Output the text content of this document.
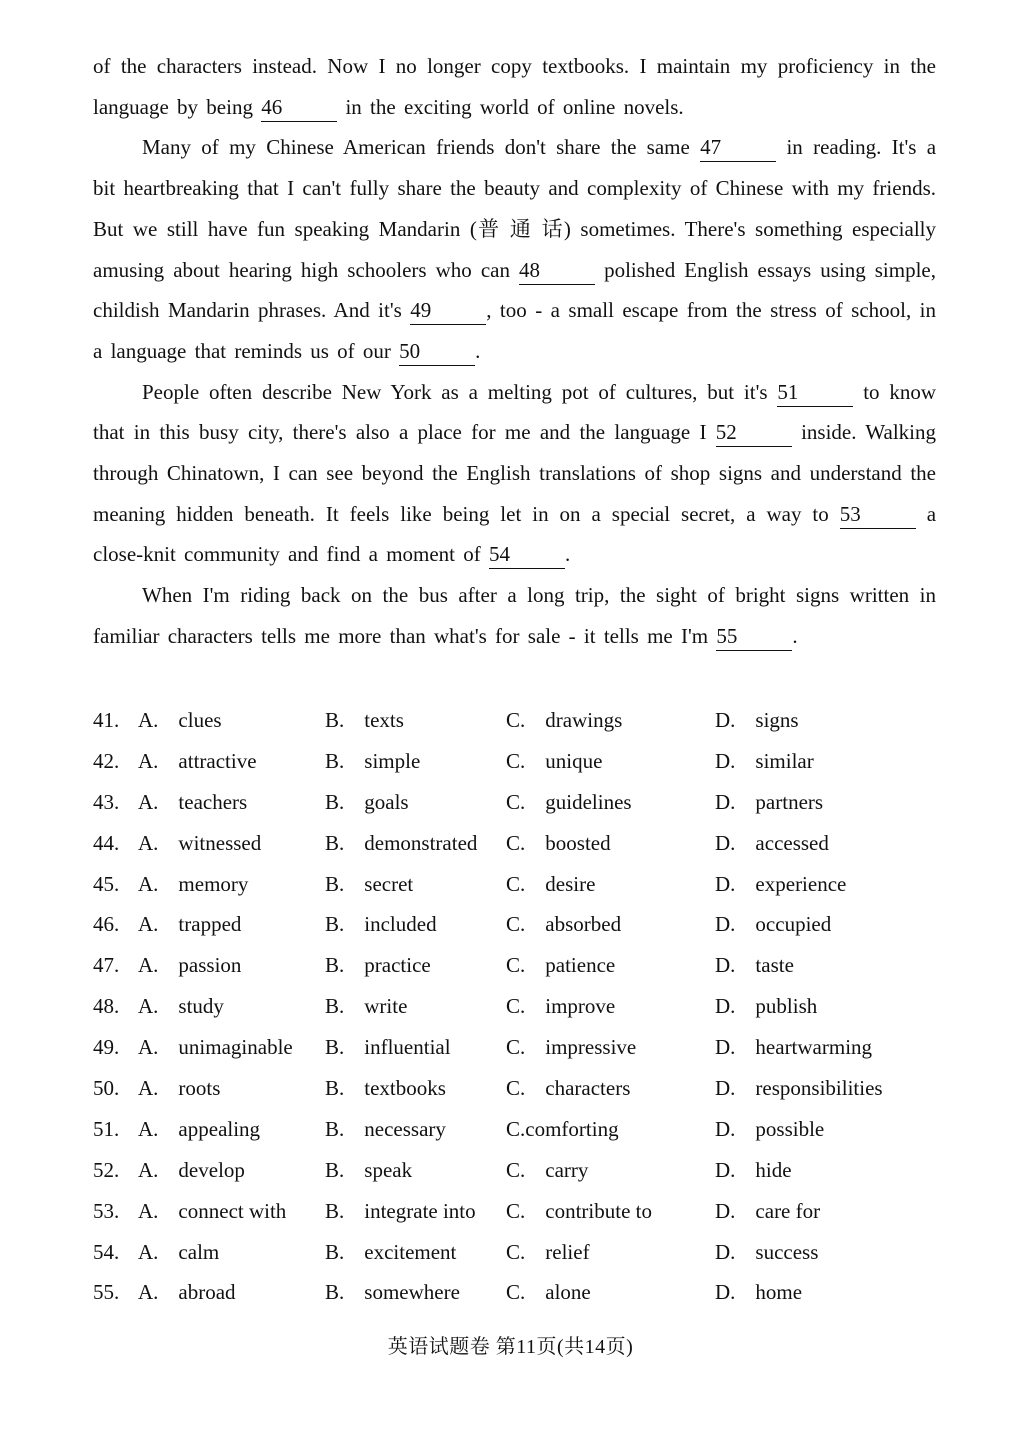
of the characters instead. Now I no longer copy textbooks. I maintain my proficiency in the language by being 46	in the exciting world of online novels.

Many of my Chinese American friends don't share the same 47	in reading. It's a bit heartbreaking that I can't fully share the beauty and complexity of Chinese with my friends. But we still have fun speaking Mandarin (普 通 话) sometimes. There's something especially amusing about hearing high schoolers who can 48	polished English essays using simple, childish Mandarin phrases. And it's 49	, too - a small escape from the stress of school, in a language that reminds us of our 50	.

People often describe New York as a melting pot of cultures, but it's 51	to know that in this busy city, there's also a place for me and the language I 52	inside. Walking through Chinatown, I can see beyond the English translations of shop signs and understand the meaning hidden beneath. It feels like being let in on a special secret, a way to 53	a close-knit community and find a moment of 54	.

When I'm riding back on the bus after a long trip, the sight of bright signs written in familiar characters tells me more than what's for sale - it tells me I'm 55	.

41. A. clues	B. texts	C. drawings	D. signs
42. A. attractive	B. simple	C. unique	D. similar
43. A. teachers	B. goals	C. guidelines	D. partners
44. A. witnessed	B. demonstrated C. boosted	D. accessed
45. A. memory	B. secret	C. desire	D. experience
46. A. trapped	B. included	C. absorbed	D. occupied
47. A. passion	B. practice	C. patience	D. taste
48. A. study	B. write	C. improve	D. publish
49. A. unimaginable B. influential	C. impressive	D. heartwarming
50. A. roots	B. textbooks	C. characters	D. responsibilities
51. A. appealing	B. necessary	C.comforting	D. possible
52. A. develop	B. speak	C. carry	D. hide
53. A. connect with B. integrate into C. contribute to	D. care for
54. A. calm	B. excitement C. relief	D. success
55. A. abroad	B. somewhere C. alone	D. home
英语试题卷 第11页(共14页)
